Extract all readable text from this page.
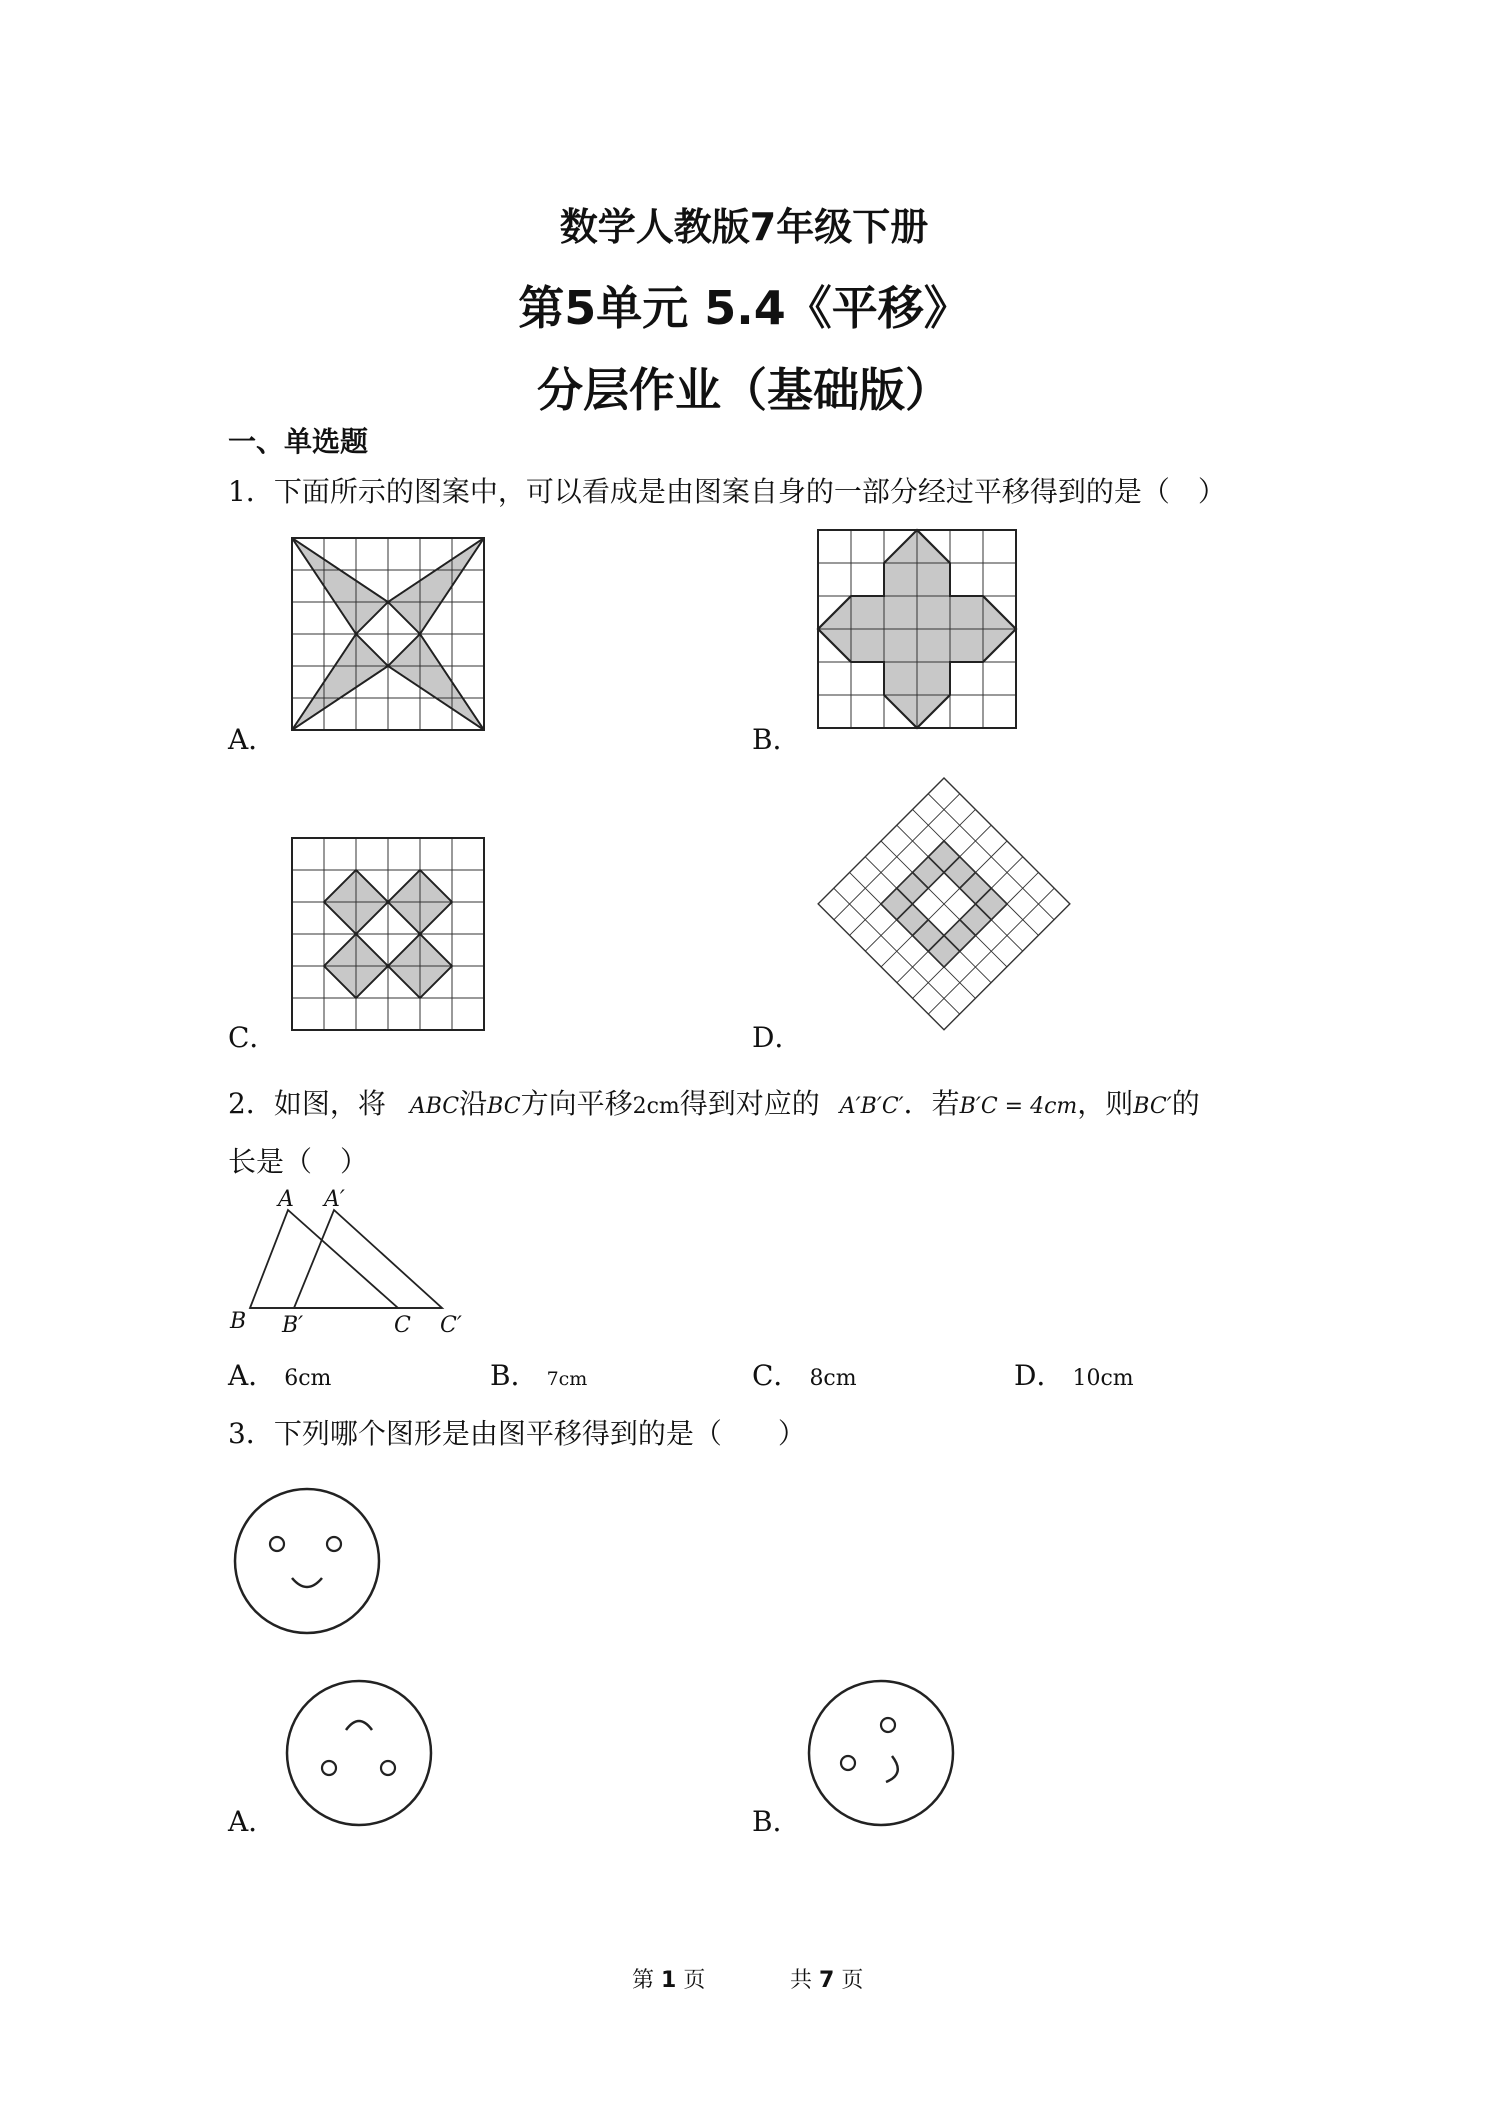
数学人教版7年级下册
第5单元 5.4《平移》
分层作业（基础版）
一、单选题
1．下面所示的图案中，可以看成是由图案自身的一部分经过平移得到的是（　）
A．	B．
C．	D．
2．如图，将 ABC沿BC方向平移2cm得到对应的 A′B′C′．若B′C = 4cm，则BC′的
长是（　）
A A′
B B′	C C′
A． 6cm	B． 7cm	C． 8cm	D． 10cm
3．下列哪个图形是由图平移得到的是（　　）
A．	B．
第 1 页	共 7 页
